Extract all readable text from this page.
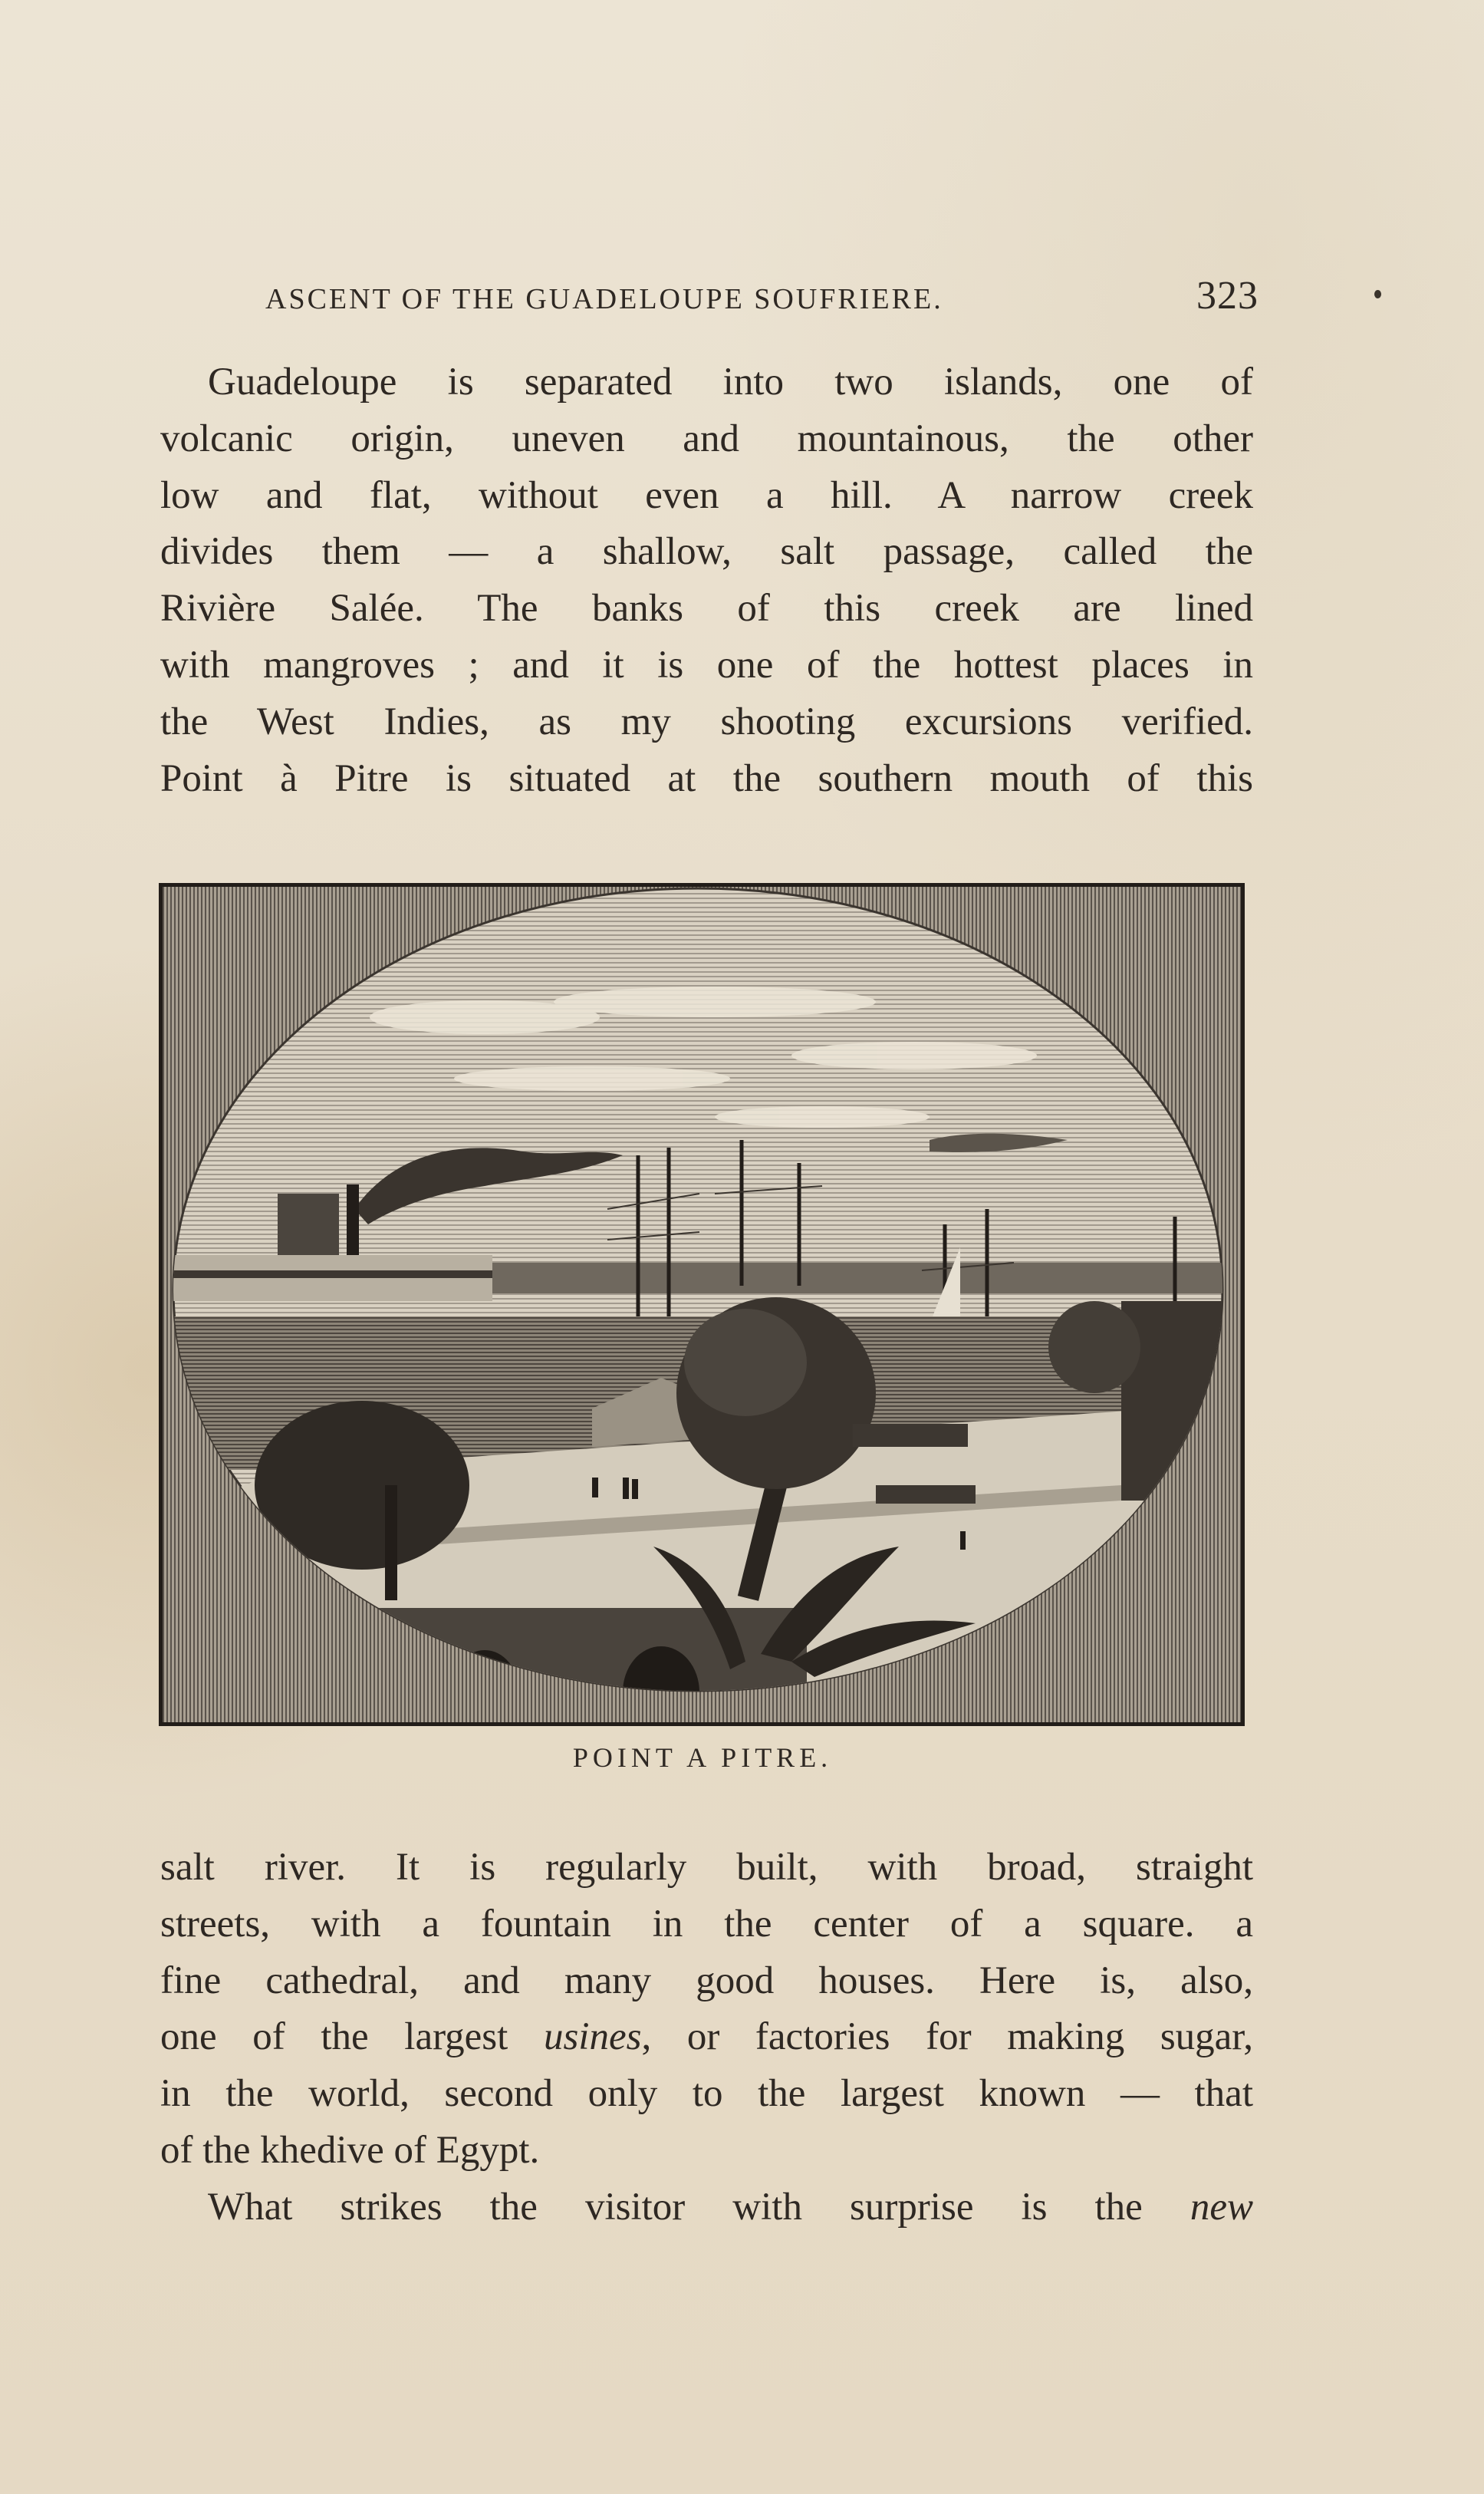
ASCENT OF THE GUADELOUPE SOUFRIERE.	323
Guadeloupe is separated into two islands, one of
volcanic origin, uneven and mountainous, the other
low and flat, without even a hill. A narrow creek
divides them — a shallow, salt passage, called the
Rivière Salée. The banks of this creek are lined
with mangroves ; and it is one of the hottest places in
the West Indies, as my shooting excursions verified.
Point à Pitre is situated at the southern mouth of this
POINT A PITRE.
salt river. It is regularly built, with broad, straight
streets, with a fountain in the center of a square. a
fine cathedral, and many good houses. Here is, also,
one of the largest usines, or factories for making sugar,
in the world, second only to the largest known — that
of the khedive of Egypt.
What strikes the visitor with surprise is the new
